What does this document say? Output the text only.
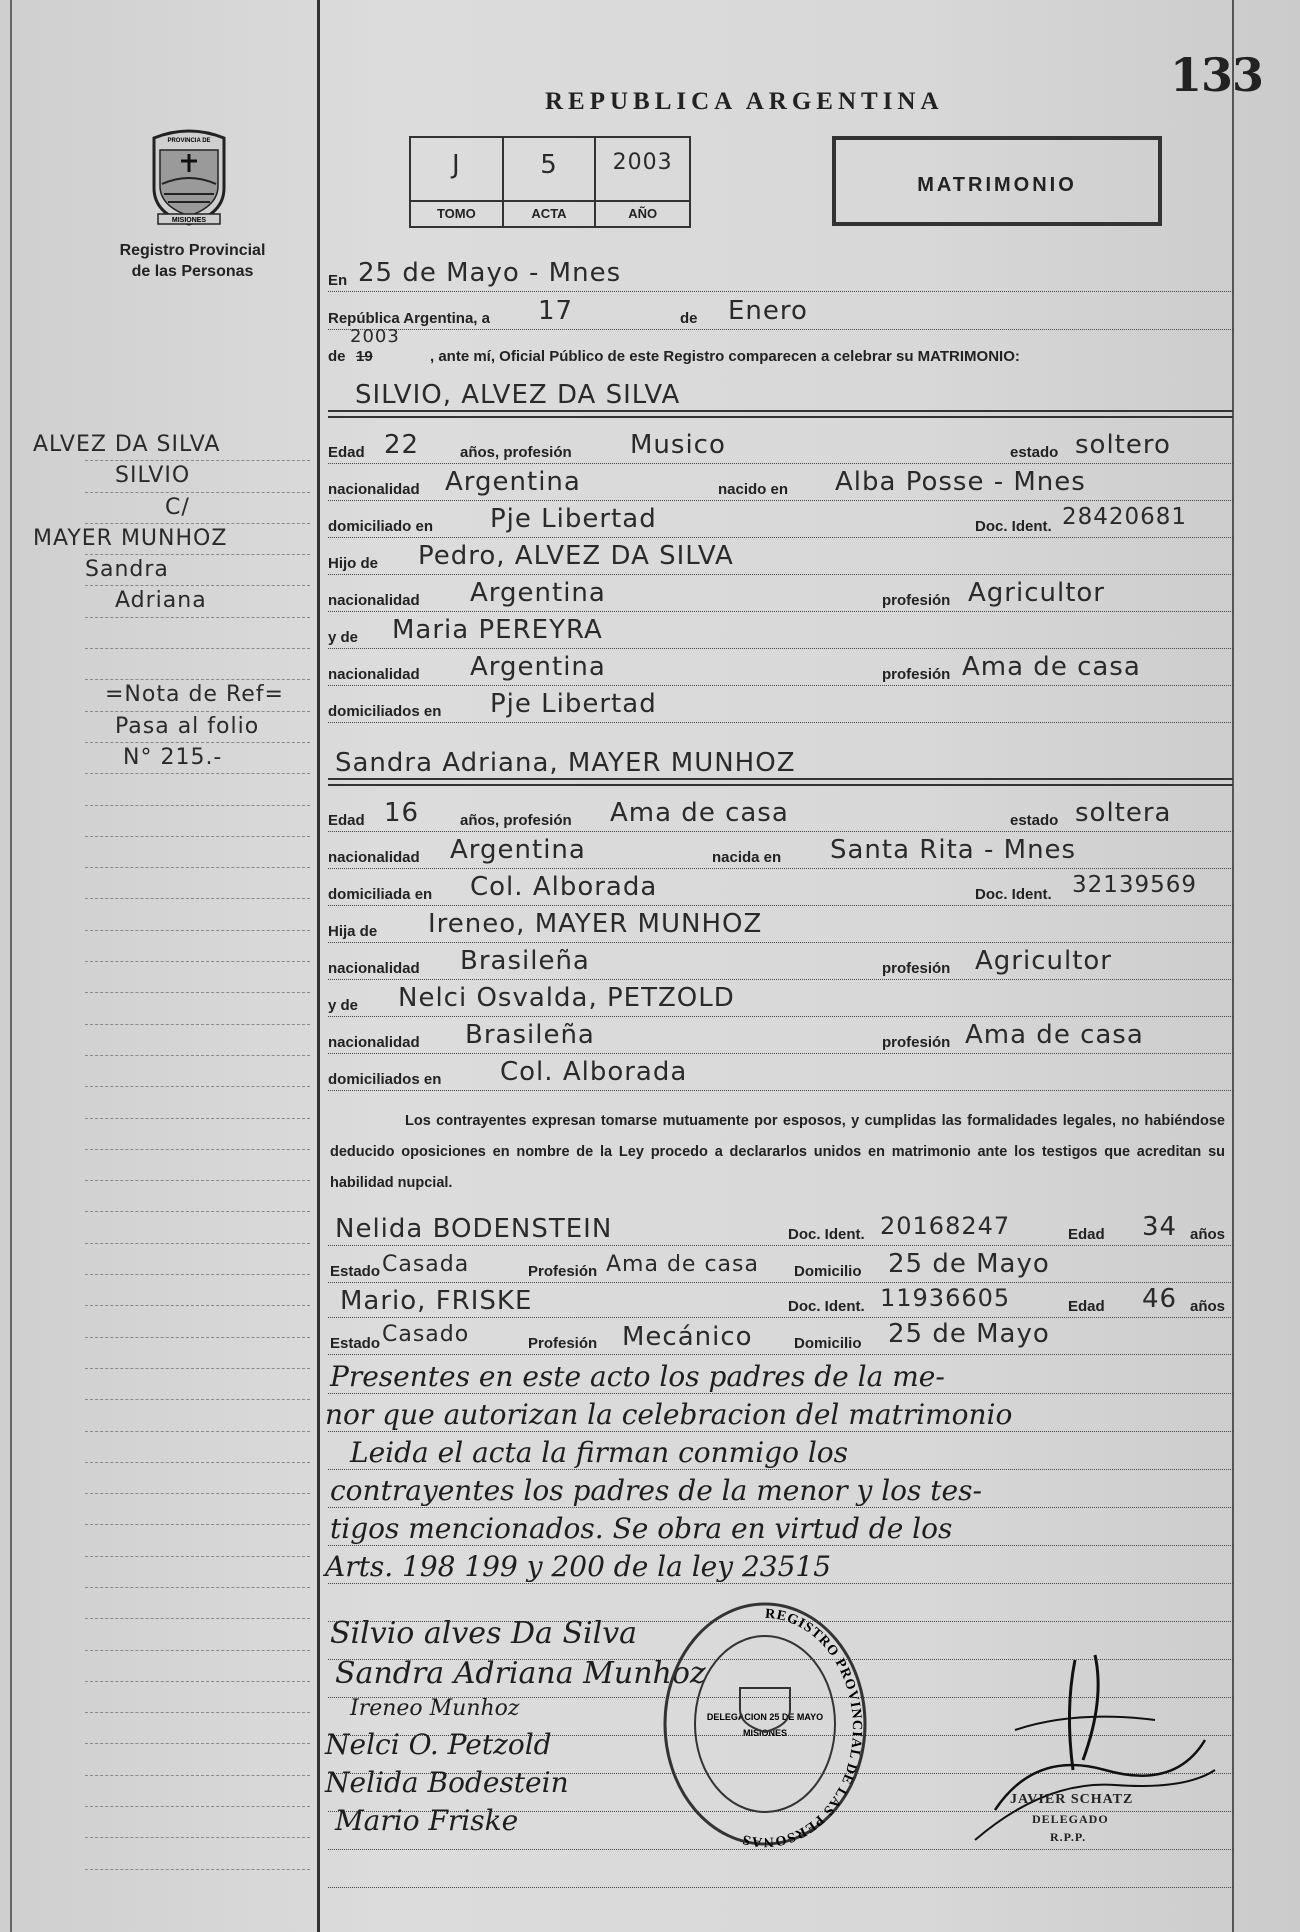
PROVINCIA DE
MISIONES
Registro Provincial
de las Personas
ALVEZ DA SILVA
SILVIO
C/
MAYER MUNHOZ
Sandra
Adriana
=Nota de Ref=
Pasa al folio
N° 215.-
133
REPUBLICA ARGENTINA
J
TOMO
5
ACTA
2003
AÑO
MATRIMONIO
En 25 de Mayo - Mnes
República Argentina, a 17	de Enero
de 19
2003
, ante mí, Oficial Público de este Registro comparecen a celebrar su MATRIMONIO:
SILVIO, ALVEZ DA SILVA
Edad 22	años, profesión Musico	estado soltero
nacionalidad Argentina	nacido en Alba Posse - Mnes
domiciliado en Pje Libertad	Doc. Ident. 28420681
Hijo de Pedro, ALVEZ DA SILVA
nacionalidad Argentina	profesión Agricultor
y de Maria PEREYRA
nacionalidad Argentina	profesión Ama de casa
domiciliados en Pje Libertad
Sandra Adriana, MAYER MUNHOZ
Edad 16	años, profesión Ama de casa	estado soltera
nacionalidad Argentina	nacida en Santa Rita - Mnes
domiciliada en Col. Alborada	Doc. Ident. 32139569
Hija de Ireneo, MAYER MUNHOZ
nacionalidad Brasileña	profesión Agricultor
y de Nelci Osvalda, PETZOLD
nacionalidad Brasileña	profesión Ama de casa
domiciliados en Col. Alborada
Los contrayentes expresan tomarse mutuamente por esposos, y cumplidas las formalidades legales, no habiéndose deducido oposiciones en nombre de la Ley procedo a declararlos unidos en matrimonio ante los testigos que acreditan su habilidad nupcial.
Nelida BODENSTEIN	Doc. Ident. 20168247	Edad 34 años
Estado Casada	Profesión Ama de casa Domicilio 25 de Mayo
Mario, FRISKE	Doc. Ident. 11936605	Edad 46 años
Estado Casado	Profesión Mecánico	Domicilio 25 de Mayo
Presentes en este acto los padres de la me-
nor que autorizan la celebracion del matrimonio
Leida el acta la firman conmigo los
contrayentes los padres de la menor y los tes-
tigos mencionados. Se obra en virtud de los
Arts. 198 199 y 200 de la ley 23515
Silvio alves Da Silva
Sandra Adriana Munhoz
Ireneo Munhoz
Nelci O. Petzold
Nelida Bodestein
Mario Friske
REGISTRO PROVINCIAL DE LAS PERSONAS
DELEGACION 25 DE MAYO
MISIONES
JAVIER SCHATZ
DELEGADO
R.P.P.
